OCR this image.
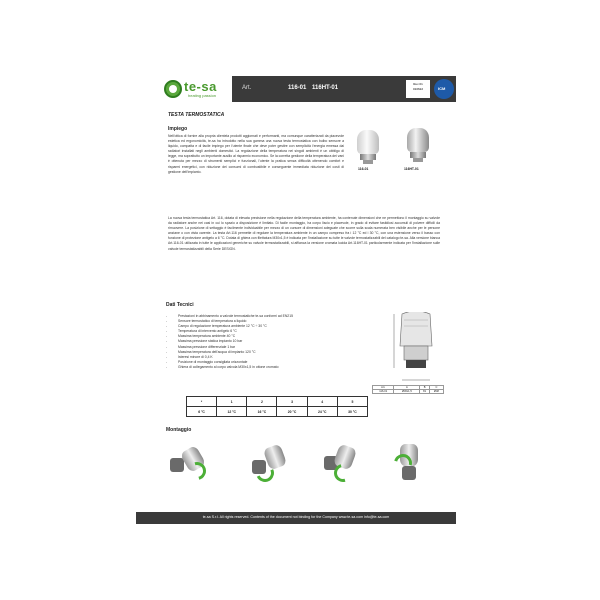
te-sa
heating passion
Art.	116-01 116HT-01
Rev 01
010622	ICM
TESTA TERMOSTATICA
Impiego
Nell'ottica di fornire alla propria clientela prodotti aggiornati e performanti, ma comunque caratterizzati da piacevole estetica ed ergonomicità, te-sa ha introdotto nella sua gamma una nuova testa termostatica con bulbo sensore a liquido, compatta e di facile impiego per l'utente finale che deve poter gestire con semplicità l'energia emessa dai radiatori installati negli ambienti domestici. La regolazione della temperatura nei singoli ambienti è un obbligo di legge, ma soprattutto un importante ausilio al risparmio economico. Se la corretta gestione della temperatura dei vani è ottenuta per mezzo di strumenti semplici e funzionali, l'utente la pratica senza difficoltà ottenendo comfort e risparmi energetici, con riduzione dei consumi di combustibile e conseguente immediata riduzione dei costi di gestione dell'impianto.
116-01	116HT-01
La nuova testa termostatica Art. 116, dotata di elevata precisione nella regolazione della temperatura ambiente, ha contenute dimensioni che ne permettono il montaggio su valvole da radiatore anche nei casi in cui lo spazio a disposizione è limitato. Di facile montaggio, ha corpo liscio e piacevole, in grado di evitare fastidiosi accumuli di polvere difficili da rimuovere. La posizione di settaggio è facilmente individuabile per mezzo di un cursore di dimensioni adeguate che scorre sulla scala numerata ben visibile anche per le persone anziane o con vista carente. La testa Art.116 permette di regolare la temperatura ambiente in un campo compreso fra i 12 °C ed i 30 °C, con una estensione verso il basso con funzione di protezione antigelo a 6 °C. Dotata di ghiera con filettatura M30x1,5 è indicata per l'installazione su tutte le valvole termostatizzabili del catalogo te-sa. Alla versione bianca Art.116-01 utilizzata in tutte le applicazioni generiche su valvole termostatizzabili, si affianca la versione cromata lucida Art.116HT-01 particolarmente indicata per l'installazione sulle valvole termostatizzabili della Serie DESIGN.
Dati Tecnici
- Prestazioni in abbinamento a valvole termostatiche te-sa conformi ad EN215
- Sensore termostatico di temperatura a liquido
- Campo di regolazione temperatura ambiente 12 °C ÷ 30 °C
- Temperatura di intervento antigelo 6 °C
- Massima temperatura ambiente 40 °C
- Massima pressione statica impianto 10 bar
- Massima pressione differenziale 1 bar
- Massima temperatura dell'acqua di impianto 120 °C
- Isteresi minore di 0,4 K
- Posizione di montaggio consigliata orizzontale
- Ghiera di collegamento al corpo valvola M30x1,5 in ottone cromato
Art.	A	B	C
116-01	Ø30x1,5	81	Ø48
*	1	2	3	4	5
6 °C	12 °C	16 °C	20 °C	24 °C	30 °C
Montaggio
te-sa S.r.l. All rights reserved. Contents of the document not binding for the Company www.te-sa.com info@te-sa.com
